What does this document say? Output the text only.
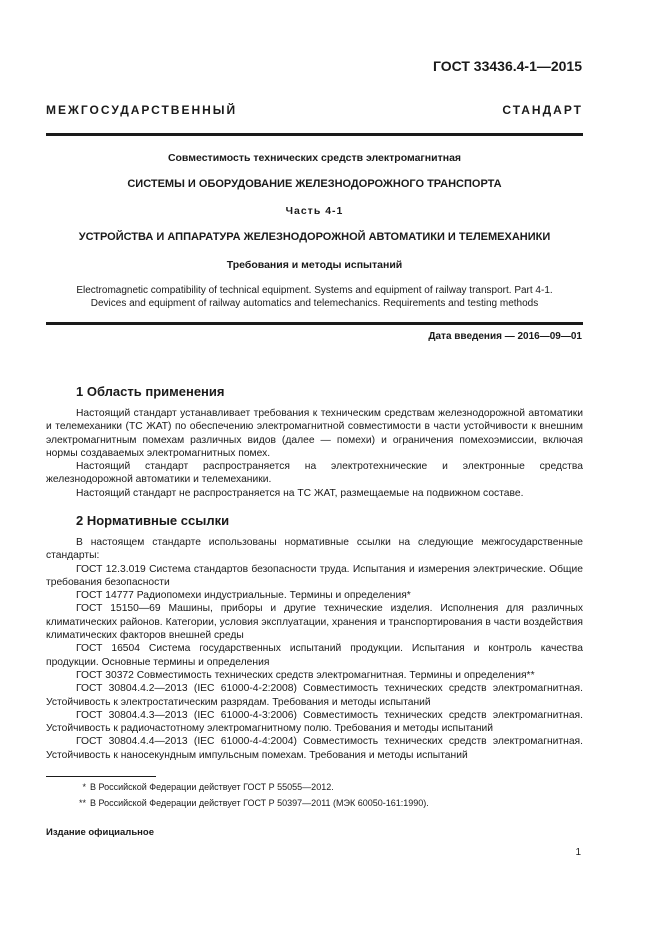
ГОСТ 33436.4-1—2015
МЕЖГОСУДАРСТВЕННЫЙ СТАНДАРТ
Совместимость технических средств электромагнитная
СИСТЕМЫ И ОБОРУДОВАНИЕ ЖЕЛЕЗНОДОРОЖНОГО ТРАНСПОРТА
Часть 4-1
УСТРОЙСТВА И АППАРАТУРА ЖЕЛЕЗНОДОРОЖНОЙ АВТОМАТИКИ И ТЕЛЕМЕХАНИКИ
Требования и методы испытаний
Electromagnetic compatibility of technical equipment. Systems and equipment of railway transport. Part 4-1.
Devices and equipment of railway automatics and telemechanics. Requirements and testing methods
Дата введения — 2016—09—01
1 Область применения

Настоящий стандарт устанавливает требования к техническим средствам железнодорожной автоматики и телемеханики (ТС ЖАТ) по обеспечению электромагнитной совместимости в части устойчивости к внешним электромагнитным помехам различных видов (далее — помехи) и ограничения помехоэмиссии, включая нормы создаваемых электромагнитных помех.

Настоящий стандарт распространяется на электротехнические и электронные средства железнодорожной автоматики и телемеханики.

Настоящий стандарт не распространяется на ТС ЖАТ, размещаемые на подвижном составе.

2 Нормативные ссылки

В настоящем стандарте использованы нормативные ссылки на следующие межгосударственные стандарты:

ГОСТ 12.3.019 Система стандартов безопасности труда. Испытания и измерения электрические. Общие требования безопасности

ГОСТ 14777 Радиопомехи индустриальные. Термины и определения*

ГОСТ 15150—69 Машины, приборы и другие технические изделия. Исполнения для различных климатических районов. Категории, условия эксплуатации, хранения и транспортирования в части воздействия климатических факторов внешней среды

ГОСТ 16504 Система государственных испытаний продукции. Испытания и контроль качества продукции. Основные термины и определения

ГОСТ 30372 Совместимость технических средств электромагнитная. Термины и определения**

ГОСТ 30804.4.2—2013 (IEC 61000-4-2:2008) Совместимость технических средств электромагнитная. Устойчивость к электростатическим разрядам. Требования и методы испытаний

ГОСТ 30804.4.3—2013 (IEC 61000-4-3:2006) Совместимость технических средств электромагнитная. Устойчивость к радиочастотному электромагнитному полю. Требования и методы испытаний

ГОСТ 30804.4.4—2013 (IEC 61000-4-4:2004) Совместимость технических средств электромагнитная. Устойчивость к наносекундным импульсным помехам. Требования и методы испытаний

* В Российской Федерации действует ГОСТ Р 55055—2012.
** В Российской Федерации действует ГОСТ Р 50397—2011 (МЭК 60050-161:1990).
Издание официальное
1
